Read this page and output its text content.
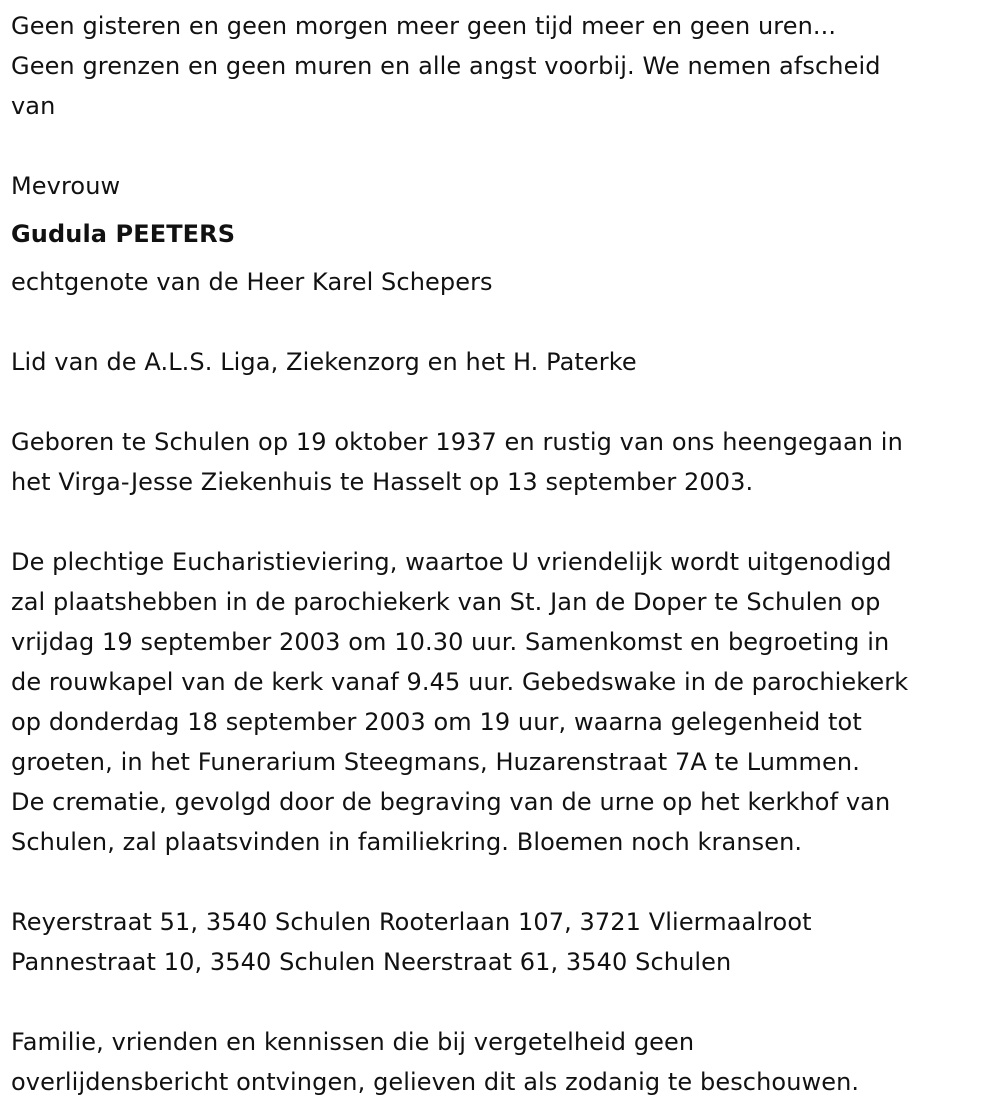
Geen gisteren en geen morgen meer geen tijd meer en geen uren...
Geen grenzen en geen muren en alle angst voorbij. We nemen afscheid
van
Mevrouw
Gudula PEETERS
echtgenote van de Heer Karel Schepers
Lid van de A.L.S. Liga, Ziekenzorg en het H. Paterke
Geboren te Schulen op 19 oktober 1937 en rustig van ons heengegaan in
het Virga-Jesse Ziekenhuis te Hasselt op 13 september 2003.
De plechtige Eucharistieviering, waartoe U vriendelijk wordt uitgenodigd
zal plaatshebben in de parochiekerk van St. Jan de Doper te Schulen op
vrijdag 19 september 2003 om 10.30 uur. Samenkomst en begroeting in
de rouwkapel van de kerk vanaf 9.45 uur. Gebedswake in de parochiekerk
op donderdag 18 september 2003 om 19 uur, waarna gelegenheid tot
groeten, in het Funerarium Steegmans, Huzarenstraat 7A te Lummen.
De crematie, gevolgd door de begraving van de urne op het kerkhof van
Schulen, zal plaatsvinden in familiekring. Bloemen noch kransen.
Reyerstraat 51, 3540 Schulen Rooterlaan 107, 3721 Vliermaalroot
Pannestraat 10, 3540 Schulen Neerstraat 61, 3540 Schulen
Familie, vrienden en kennissen die bij vergetelheid geen
overlijdensbericht ontvingen, gelieven dit als zodanig te beschouwen.
